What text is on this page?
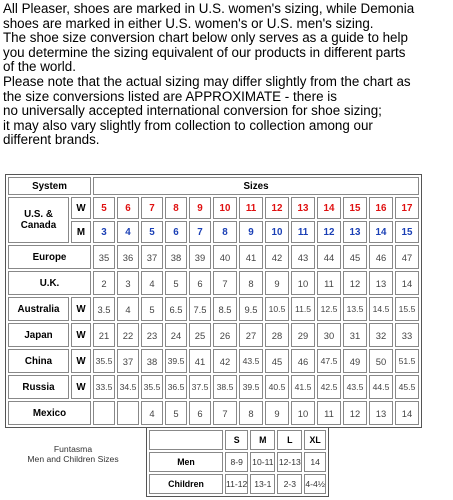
All Pleaser, shoes are marked in U.S. women's sizing, while Demonia

shoes are marked in either U.S. women's or U.S. men's sizing.

The shoe size conversion chart below only serves as a guide to help

you determine the sizing equivalent of our products in different parts

of the world.

Please note that the actual sizing may differ slightly from the chart as

the size conversions listed are APPROXIMATE - there is

no universally accepted international conversion for shoe sizing;

it may also vary slightly from collection to collection among our

different brands.

System		Sizes												
U.S. & Canada	W	5	6	7	8	9	10	11	12	13	14	15	16	17
	M	3	4	5	6	7	8	9	10	11	12	13	14	15
Europe		35	36	37	38	39	40	41	42	43	44	45	46	47
U.K.		2	3	4	5	6	7	8	9	10	11	12	13	14
Australia	W	3.5	4	5	6.5	7.5	8.5	9.5	10.5	11.5	12.5	13.5	14.5	15.5
Japan	W	21	22	23	24	25	26	27	28	29	30	31	32	33
China	W	35.5	37	38	39.5	41	42	43.5	45	46	47.5	49	50	51.5
Russia	W	33.5	34.5	35.5	36.5	37.5	38.5	39.5	40.5	41.5	42.5	43.5	44.5	45.5
Mexico				4	5	6	7	8	9	10	11	12	13	14
Funtasma
Men and Children Sizes
	S	M	L	XL
Men	8-9	10-11	12-13	14
Children	11-12	13-1	2-3	4-4½
